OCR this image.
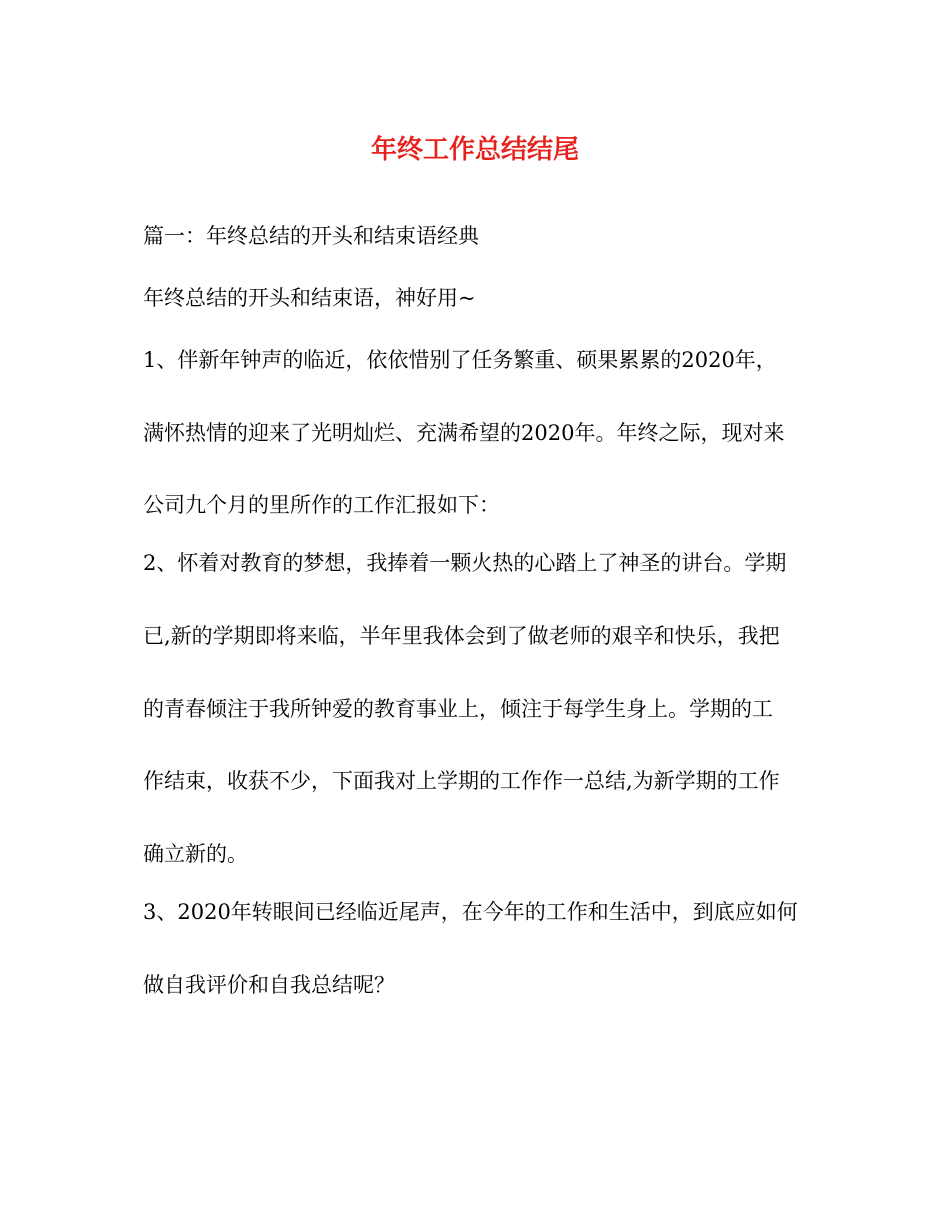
年终工作总结结尾

篇一：年终总结的开头和结束语经典

年终总结的开头和结束语，神好用~

1、伴新年钟声的临近，依依惜别了任务繁重、硕果累累的2020年，

满怀热情的迎来了光明灿烂、充满希望的2020年。年终之际，现对来

公司九个月的里所作的工作汇报如下：

2、怀着对教育的梦想，我捧着一颗火热的心踏上了神圣的讲台。学期

已,新的学期即将来临，半年里我体会到了做老师的艰辛和快乐，我把

的青春倾注于我所钟爱的教育事业上，倾注于每学生身上。学期的工

作结束，收获不少，下面我对上学期的工作作一总结,为新学期的工作

确立新的。

3、2020年转眼间已经临近尾声，在今年的工作和生活中，到底应如何

做自我评价和自我总结呢？
